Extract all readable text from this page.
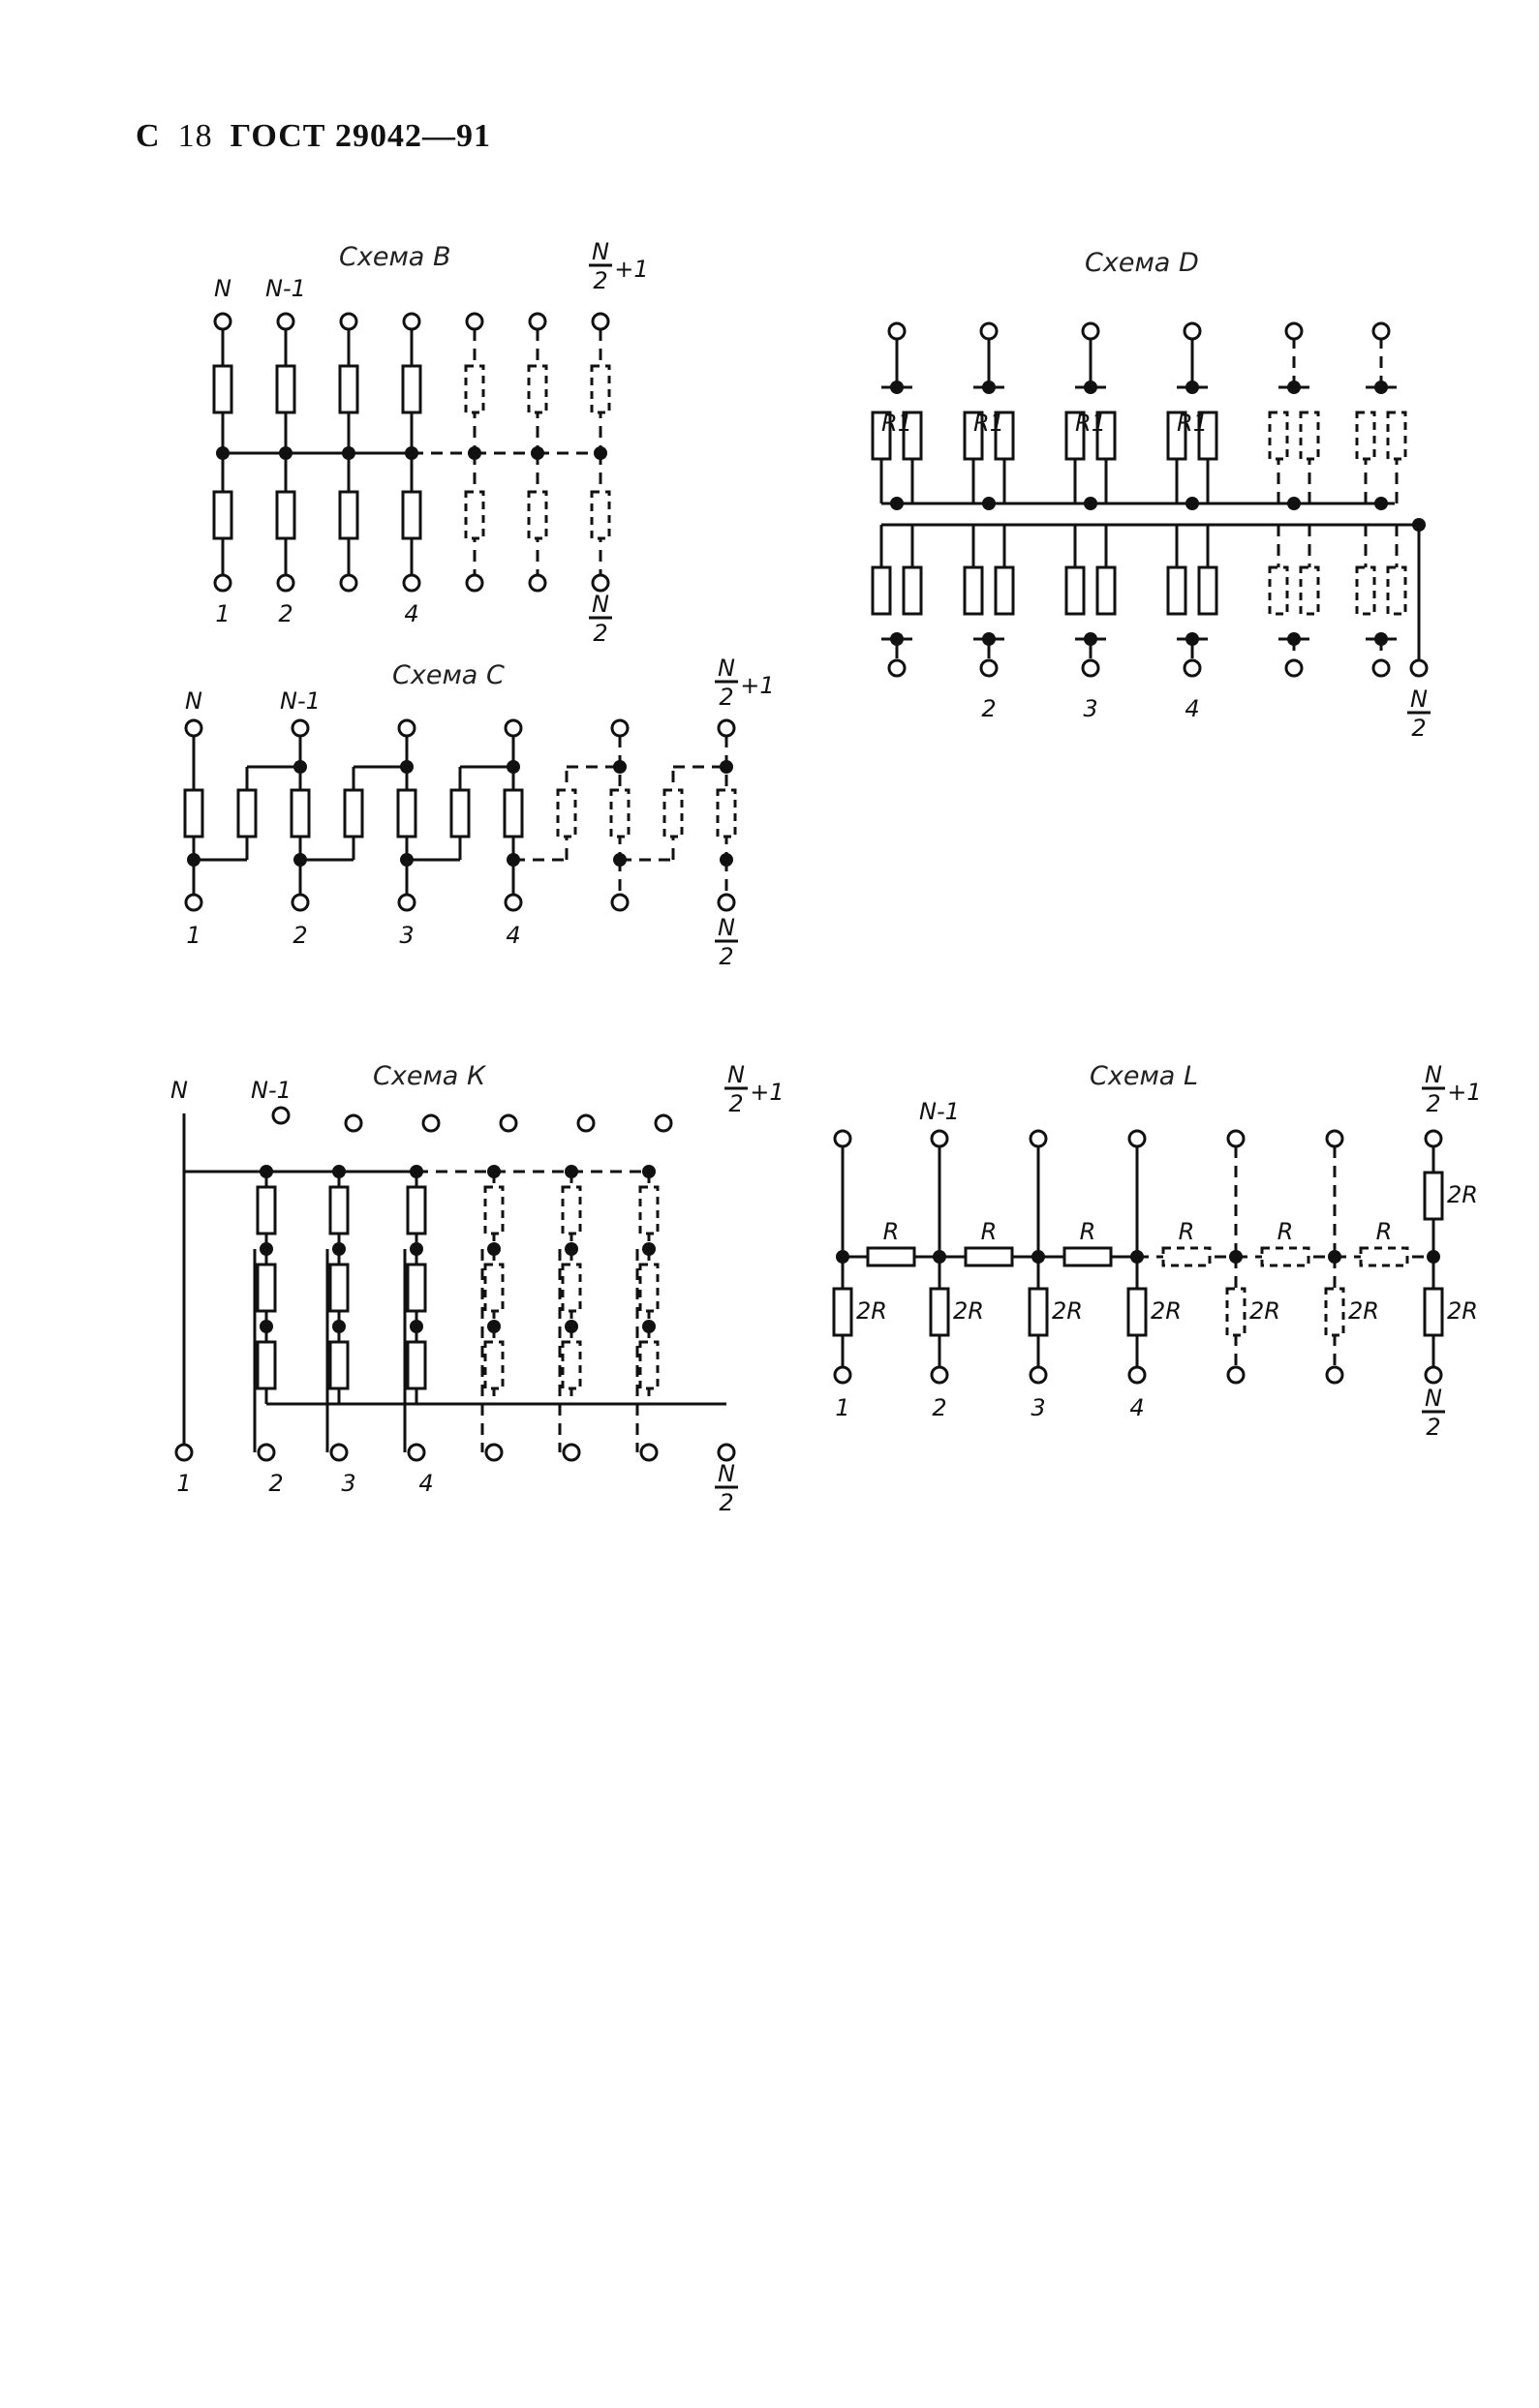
С 18 ГОСТ 29042—91
Схема В
N N-1
N
2 +1
1 2	4	N
2
Схема С
N	N-1
N
2 +1
1	2	3	4	N
2
Схема D
R1	R1	R1	R1
2	3	4	N
2
Схема К
N	N-1
1	2 3	4	N
2
N
2 +1
Схема L
2R
R
2R
R
2R
R
2R
R
2R
R
2R
R
2R
2R
N-1
N
2 +1
1	2	3	4	N
2
